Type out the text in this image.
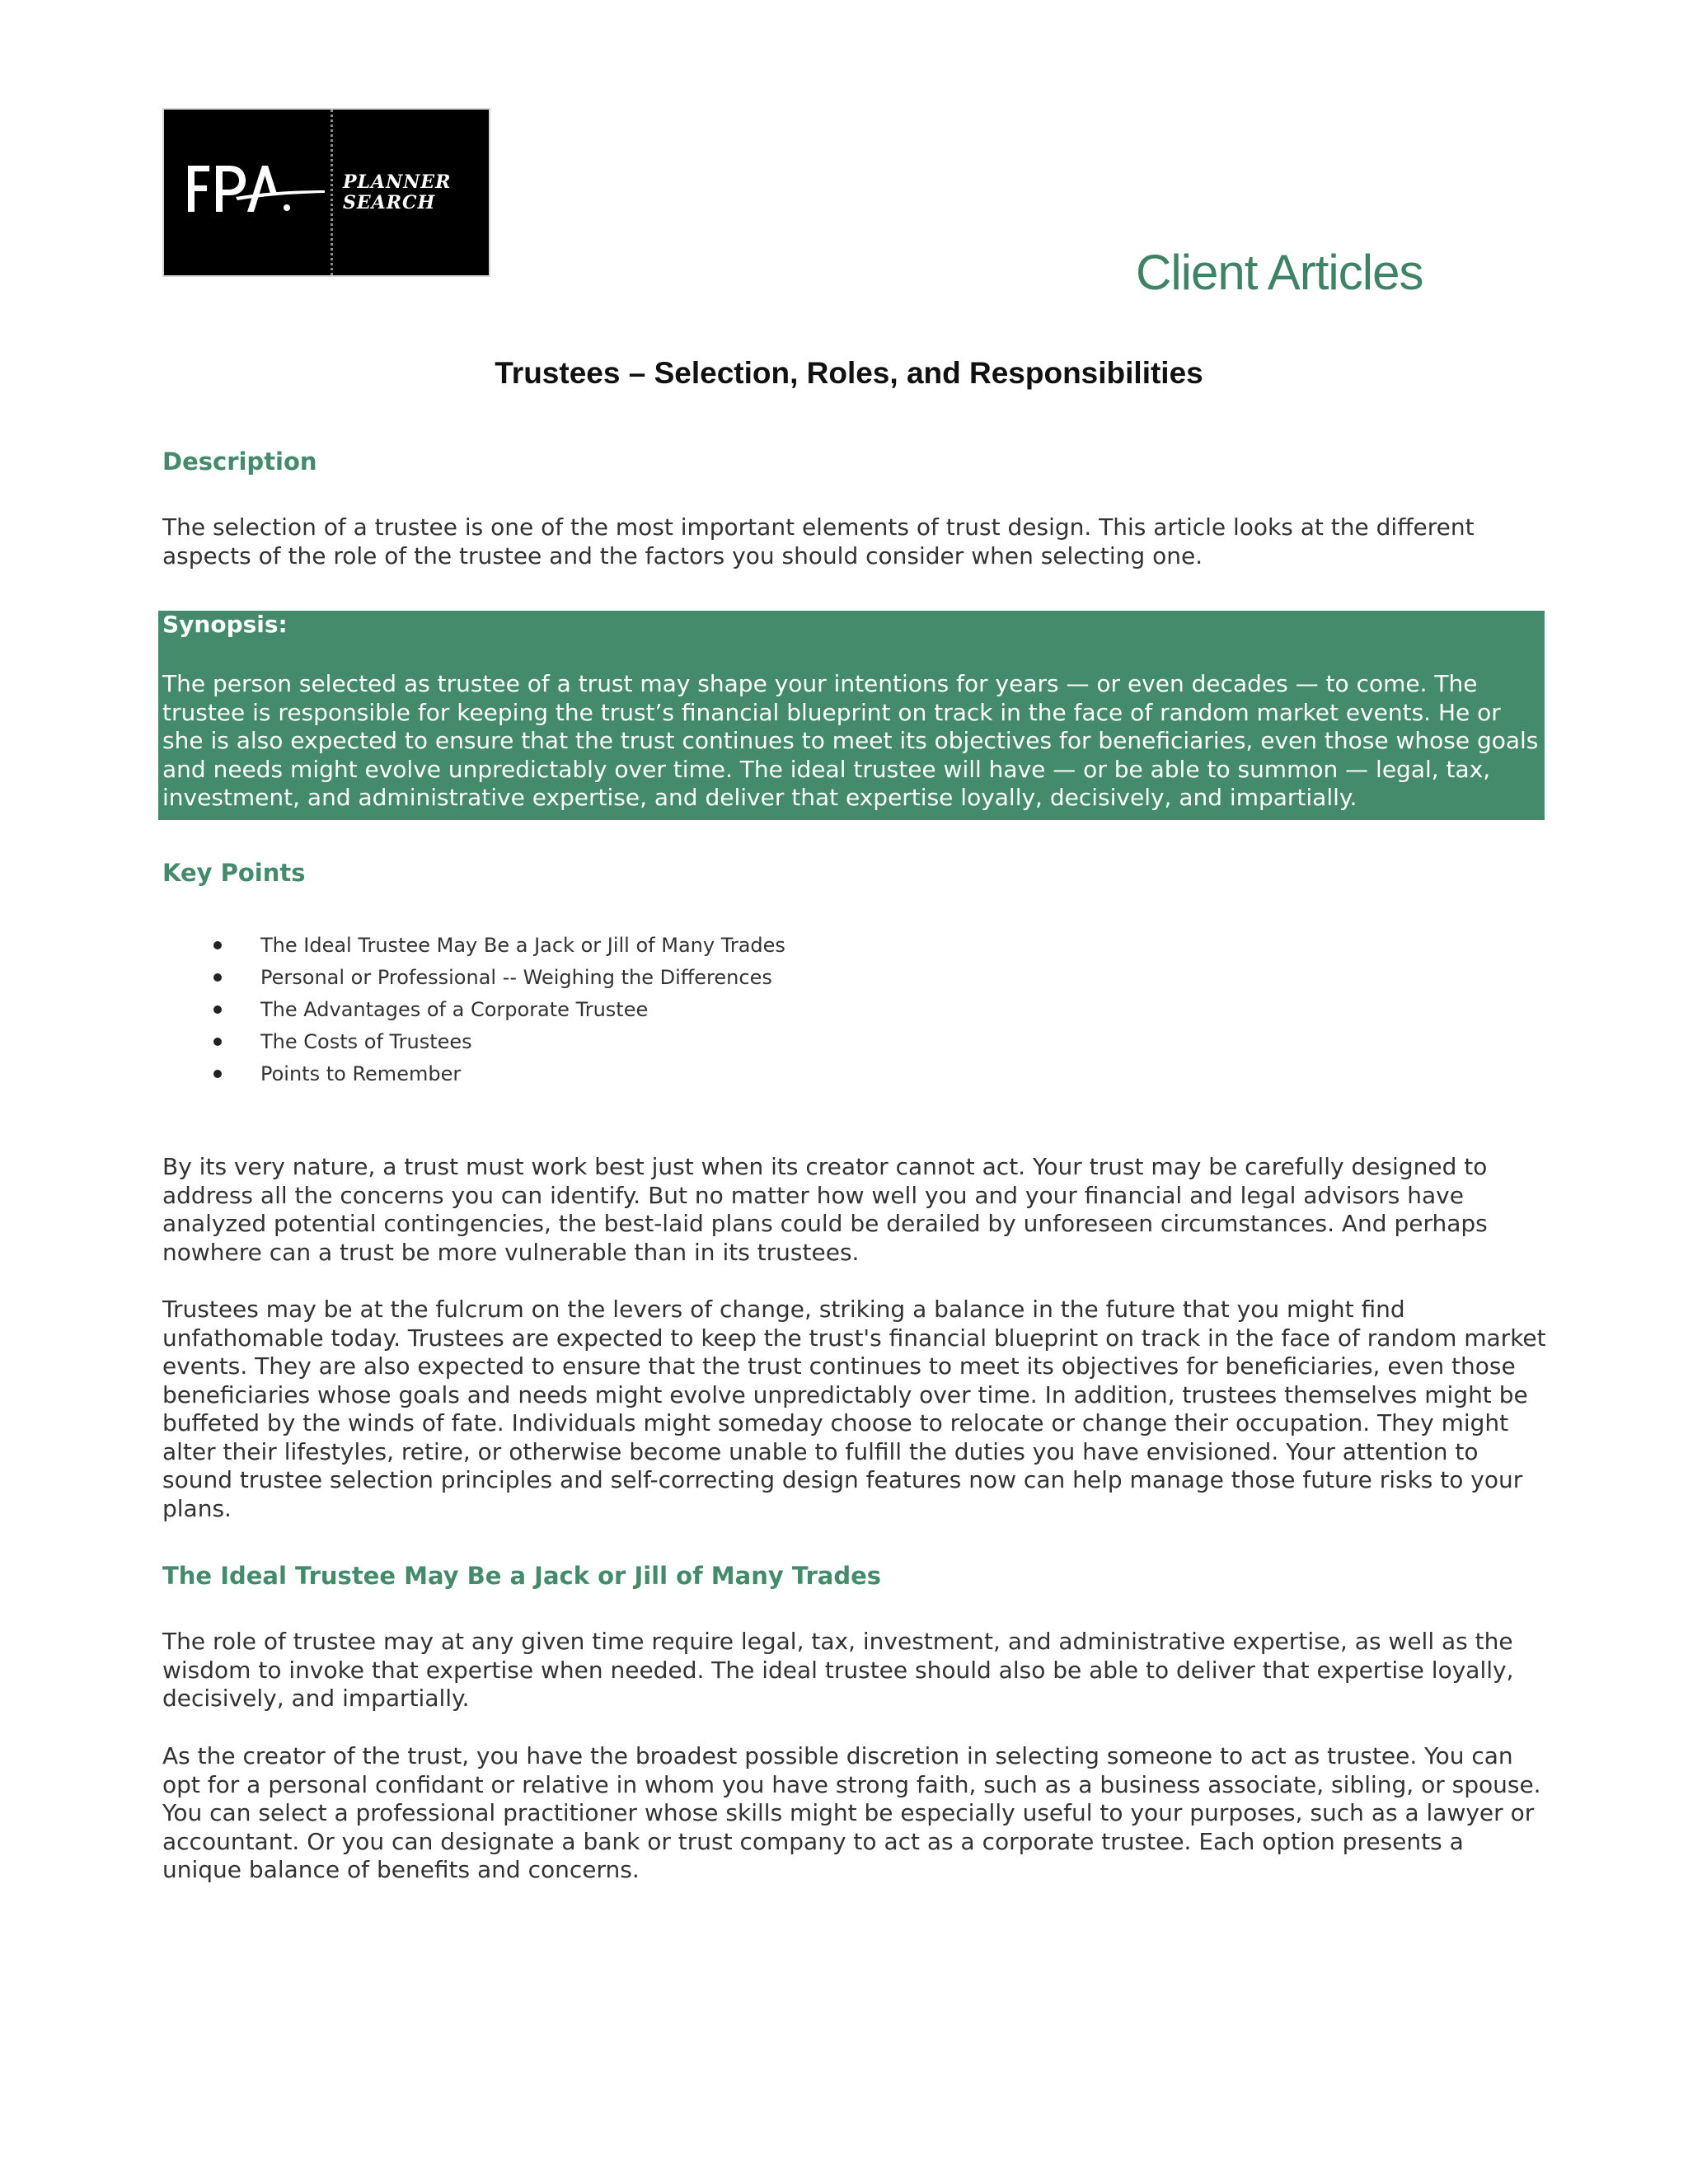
PLANNER
SEARCH
Client Articles
Trustees – Selection, Roles, and Responsibilities
Description

The selection of a trustee is one of the most important elements of trust design. This article looks at the different aspects of the role of the trustee and the factors you should consider when selecting one.

Synopsis:

The person selected as trustee of a trust may shape your intentions for years — or even decades — to come. The trustee is responsible for keeping the trust’s financial blueprint on track in the face of random market events. He or she is also expected to ensure that the trust continues to meet its objectives for beneficiaries, even those whose goals and needs might evolve unpredictably over time. The ideal trustee will have — or be able to summon — legal, tax, investment, and administrative expertise, and deliver that expertise loyally, decisively, and impartially.

Key Points
The Ideal Trustee May Be a Jack or Jill of Many Trades
Personal or Professional -- Weighing the Differences
The Advantages of a Corporate Trustee
The Costs of Trustees
Points to Remember

By its very nature, a trust must work best just when its creator cannot act. Your trust may be carefully designed to address all the concerns you can identify. But no matter how well you and your financial and legal advisors have analyzed potential contingencies, the best-laid plans could be derailed by unforeseen circumstances. And perhaps nowhere can a trust be more vulnerable than in its trustees.

Trustees may be at the fulcrum on the levers of change, striking a balance in the future that you might find unfathomable today. Trustees are expected to keep the trust's financial blueprint on track in the face of random market events. They are also expected to ensure that the trust continues to meet its objectives for beneficiaries, even those beneficiaries whose goals and needs might evolve unpredictably over time. In addition, trustees themselves might be buffeted by the winds of fate. Individuals might someday choose to relocate or change their occupation. They might alter their lifestyles, retire, or otherwise become unable to fulfill the duties you have envisioned. Your attention to sound trustee selection principles and self-correcting design features now can help manage those future risks to your plans.

The Ideal Trustee May Be a Jack or Jill of Many Trades

The role of trustee may at any given time require legal, tax, investment, and administrative expertise, as well as the wisdom to invoke that expertise when needed. The ideal trustee should also be able to deliver that expertise loyally, decisively, and impartially.

As the creator of the trust, you have the broadest possible discretion in selecting someone to act as trustee. You can opt for a personal confidant or relative in whom you have strong faith, such as a business associate, sibling, or spouse. You can select a professional practitioner whose skills might be especially useful to your purposes, such as a lawyer or accountant. Or you can designate a bank or trust company to act as a corporate trustee. Each option presents a unique balance of benefits and concerns.
